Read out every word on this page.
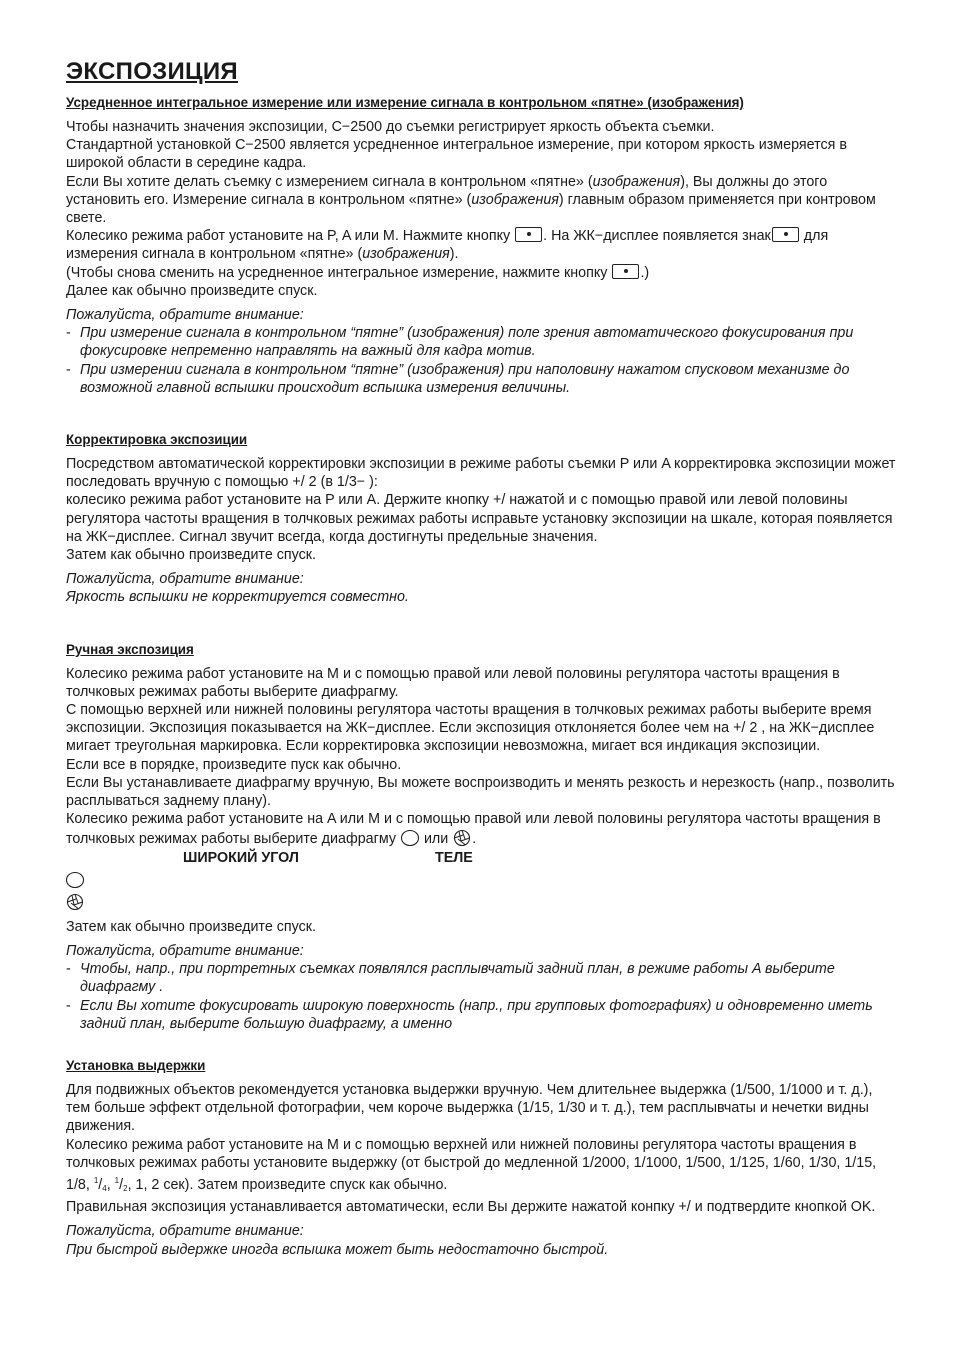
ЭКСПОЗИЦИЯ
Усредненное интегральное измерение или измерение сигнала в контрольном «пятне» (изображения)

Чтобы назначить значения экспозиции, С−2500 до съемки регистрирует яркость объекта съемки.

Стандартной установкой С−2500 является усредненное интегральное измерение, при котором яркость измеряется в широкой области в середине кадра.

Если Вы хотите делать съемку с измерением сигнала в контрольном «пятне» (изображения), Вы должны до этого установить его. Измерение сигнала в контрольном «пятне» (изображения) главным образом применяется при контровом свете.

Колесико режима работ установите на P, A или M. Нажмите кнопку . На ЖК−дисплее появляется знак для измерения сигнала в контрольном «пятне» (изображения).

(Чтобы снова сменить на усредненное интегральное измерение, нажмите кнопку .)

Далее как обычно произведите спуск.

Пожалуйста, обратите внимание:

- При измерение сигнала в контрольном “пятне” (изображения) поле зрения автоматического фокусирования при фокусировке непременно направлять на важный для кадра мотив.
- При измерении сигнала в контрольном “пятне” (изображения) при наполовину нажатом спусковом механизме до возможной главной вспышки происходит вспышка измерения величины.
Корректировка экспозиции

Посредством автоматической корректировки экспозиции в режиме работы съемки P или A корректировка экспозиции может последовать вручную с помощью +/ 2 (в 1/3− ):

колесико режима работ установите на P или A. Держите кнопку +/ нажатой и с помощью правой или левой половины регулятора частоты вращения в толчковых режимах работы исправьте установку экспозиции на шкале, которая появляется на ЖК−дисплее. Сигнал звучит всегда, когда достигнуты предельные значения.

Затем как обычно произведите спуск.

Пожалуйста, обратите внимание:

Яркость вспышки не корректируется совместно.

Ручная экспозиция

Колесико режима работ установите на M и с помощью правой или левой половины регулятора частоты вращения в толчковых режимах работы выберите диафрагму.

С помощью верхней или нижней половины регулятора частоты вращения в толчковых режимах работы выберите время экспозиции. Экспозиция показывается на ЖК−дисплее. Если экспозиция отклоняется более чем на +/ 2 , на ЖК−дисплее мигает треугольная маркировка. Если корректировка экспозиции невозможна, мигает вся индикация экспозиции.

Если все в порядке, произведите пуск как обычно.

Если Вы устанавливаете диафрагму вручную, Вы можете воспроизводить и менять резкость и нерезкость (напр., позволить расплываться заднему плану).

Колесико режима работ установите на A или M и с помощью правой или левой половины регулятора частоты вращения в толчковых режимах работы выберите диафрагму  или .

ШИРОКИЙ УГОЛ	ТЕЛЕ

Затем как обычно произведите спуск.

Пожалуйста, обратите внимание:

- Чтобы, напр., при портретных съемках появлялся расплывчатый задний план, в режиме работы A выберите диафрагму .
- Если Вы хотите фокусировать широкую поверхность (напр., при групповых фотографиях) и одновременно иметь задний план, выберите большую диафрагму, а именно
Установка выдержки

Для подвижных объектов рекомендуется установка выдержки вручную. Чем длительнее выдержка (1/500, 1/1000 и т. д.), тем больше эффект отдельной фотографии, чем короче выдержка (1/15, 1/30 и т. д.), тем расплывчаты и нечетки видны движения.

Колесико режима работ установите на M и с помощью верхней или нижней половины регулятора частоты вращения в толчковых режимах работы установите выдержку (от быстрой до медленной 1/2000, 1/1000, 1/500, 1/125, 1/60, 1/30, 1/15, 1/8, $^1/_4$, $^1/_2$, 1, 2 сек). Затем произведите спуск как обычно.

Правильная экспозиция устанавливается автоматически, если Вы держите нажатой конпку +/ и подтвердите кнопкой OK.

Пожалуйста, обратите внимание:

При быстрой выдержке иногда вспышка может быть недостаточно быстрой.
